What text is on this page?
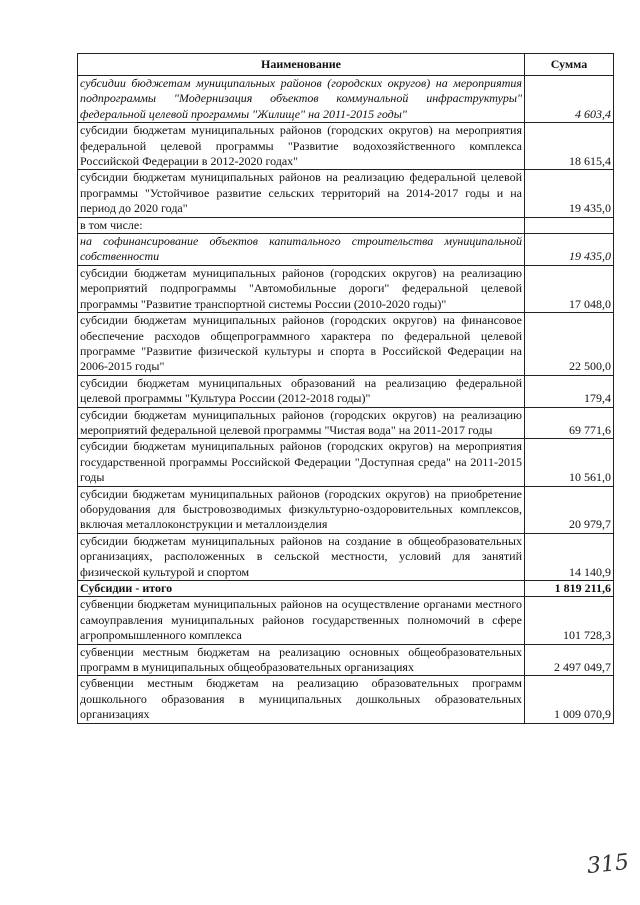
Наименование	Сумма
субсидии бюджетам муниципальных районов (городских округов) на мероприятия подпрограммы "Модернизация объектов коммунальной инфраструктуры" федеральной целевой программы "Жилище" на 2011-2015 годы"	4 603,4
субсидии бюджетам муниципальных районов (городских округов) на мероприятия федеральной целевой программы "Развитие водохозяйственного комплекса Российской Федерации в 2012-2020 годах"	18 615,4
субсидии бюджетам муниципальных районов на реализацию федеральной целевой программы "Устойчивое развитие сельских территорий на 2014-2017 годы и на период до 2020 года"	19 435,0
в том числе:	
на софинансирование объектов капитального строительства муниципальной собственности	19 435,0
субсидии бюджетам муниципальных районов (городских округов) на реализацию мероприятий подпрограммы "Автомобильные дороги" федеральной целевой программы "Развитие транспортной системы России (2010-2020 годы)"	17 048,0
субсидии бюджетам муниципальных районов (городских округов) на финансовое обеспечение расходов общепрограммного характера по федеральной целевой программе "Развитие физической культуры и спорта в Российской Федерации на 2006-2015 годы"	22 500,0
субсидии бюджетам муниципальных образований на реализацию федеральной целевой программы "Культура России (2012-2018 годы)"	179,4
субсидии бюджетам муниципальных районов (городских округов) на реализацию мероприятий федеральной целевой программы "Чистая вода" на 2011-2017 годы	69 771,6
субсидии бюджетам муниципальных районов (городских округов) на мероприятия государственной программы Российской Федерации "Доступная среда" на 2011-2015 годы	10 561,0
субсидии бюджетам муниципальных районов (городских округов) на приобретение оборудования для быстровозводимых физкультурно-оздоровительных комплексов, включая металлоконструкции и металлоизделия	20 979,7
субсидии бюджетам муниципальных районов на создание в общеобразовательных организациях, расположенных в сельской местности, условий для занятий физической культурой и спортом	14 140,9
Субсидии - итого	1 819 211,6
субвенции бюджетам муниципальных районов на осуществление органами местного самоуправления муниципальных районов государственных полномочий в сфере агропромышленного комплекса	101 728,3
субвенции местным бюджетам на реализацию основных общеобразовательных программ в муниципальных общеобразовательных организациях	2 497 049,7
субвенции местным бюджетам на реализацию образовательных программ дошкольного образования в муниципальных дошкольных образовательных организациях	1 009 070,9
315
